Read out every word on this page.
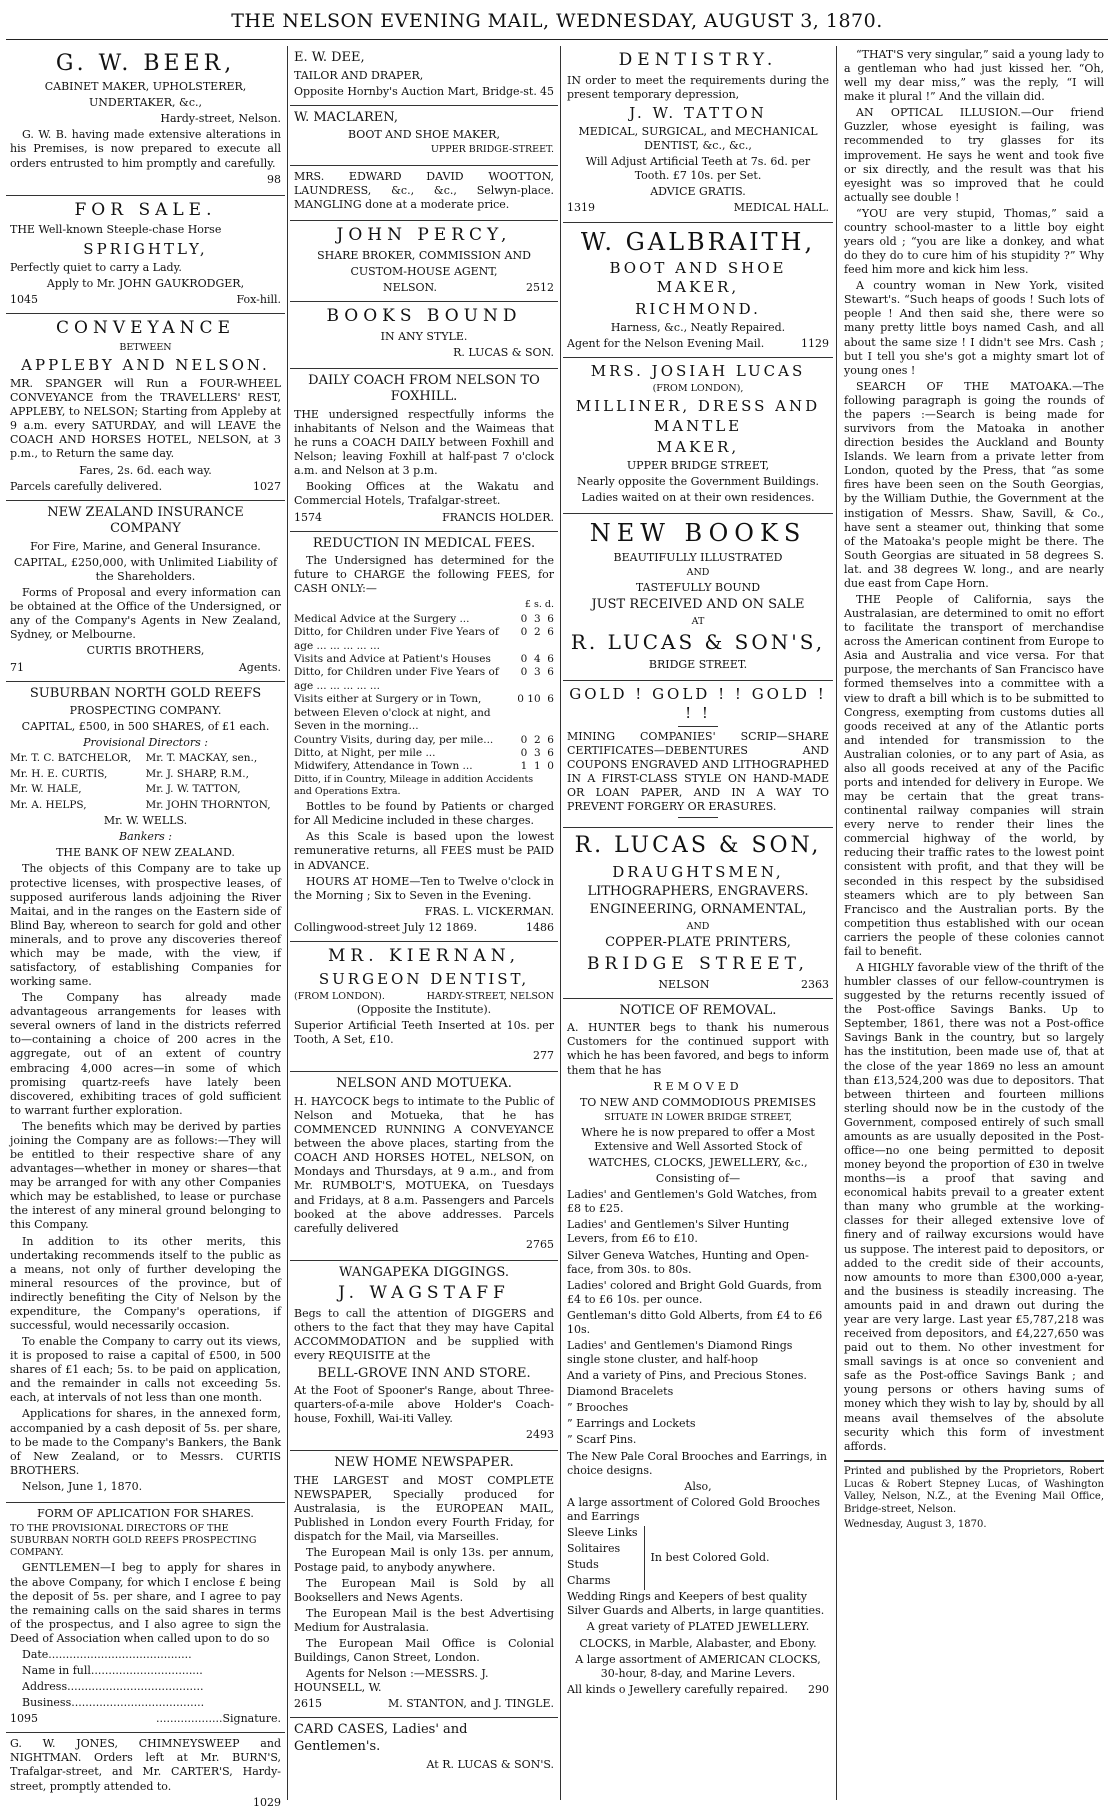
THE NELSON EVENING MAIL, WEDNESDAY, AUGUST 3, 1870.

G. W. BEER,

CABINET MAKER, UPHOLSTERER,

UNDERTAKER, &c.,

Hardy-street, Nelson.

G. W. B. having made extensive alterations in his Premises, is now prepared to execute all orders entrusted to him promptly and carefully.

98

FOR SALE.

THE Well-known Steeple-chase Horse

SPRIGHTLY,

Perfectly quiet to carry a Lady.

Apply to Mr. JOHN GAUKRODGER,

1045	Fox-hill.

CONVEYANCE

BETWEEN

APPLEBY AND NELSON.

MR. SPANGER will Run a FOUR-WHEEL CONVEYANCE from the TRAVELLERS' REST, APPLEBY, to NELSON; Starting from Appleby at 9 a.m. every SATURDAY, and will LEAVE the COACH AND HORSES HOTEL, NELSON, at 3 p.m., to Return the same day.

Fares, 2s. 6d. each way.

Parcels carefully delivered.	1027

NEW ZEALAND INSURANCE COMPANY

For Fire, Marine, and General Insurance.

CAPITAL, £250,000, with Unlimited Liability of the Shareholders.

Forms of Proposal and every information can be obtained at the Office of the Undersigned, or any of the Company's Agents in New Zealand, Sydney, or Melbourne.

CURTIS BROTHERS,

71	Agents.

SUBURBAN NORTH GOLD REEFS

PROSPECTING COMPANY.

CAPITAL, £500, in 500 SHARES, of £1 each.

Provisional Directors :

Mr. T. C. BATCHELOR,

Mr. H. E. CURTIS,

Mr. W. HALE,

Mr. A. HELPS,

Mr. T. MACKAY, sen.,

Mr. J. SHARP, R.M.,

Mr. J. W. TATTON,

Mr. JOHN THORNTON,

Mr. W. WELLS.

Bankers :

THE BANK OF NEW ZEALAND.

The objects of this Company are to take up protective licenses, with prospective leases, of supposed auriferous lands adjoining the River Maitai, and in the ranges on the Eastern side of Blind Bay, whereon to search for gold and other minerals, and to prove any discoveries thereof which may be made, with the view, if satisfactory, of establishing Companies for working same.

The Company has already made advantageous arrangements for leases with several owners of land in the districts referred to—containing a choice of 200 acres in the aggregate, out of an extent of country embracing 4,000 acres—in some of which promising quartz-reefs have lately been discovered, exhibiting traces of gold sufficient to warrant further exploration.

The benefits which may be derived by parties joining the Company are as follows:—They will be entitled to their respective share of any advantages—whether in money or shares—that may be arranged for with any other Companies which may be established, to lease or purchase the interest of any mineral ground belonging to this Company.

In addition to its other merits, this undertaking recommends itself to the public as a means, not only of further developing the mineral resources of the province, but of indirectly benefiting the City of Nelson by the expenditure, the Company's operations, if successful, would necessarily occasion.

To enable the Company to carry out its views, it is proposed to raise a capital of £500, in 500 shares of £1 each; 5s. to be paid on application, and the remainder in calls not exceeding 5s. each, at intervals of not less than one month.

Applications for shares, in the annexed form, accompanied by a cash deposit of 5s. per share, to be made to the Company's Bankers, the Bank of New Zealand, or to Messrs. CURTIS BROTHERS.

Nelson, June 1, 1870.

FORM OF APLICATION FOR SHARES.

TO THE PROVISIONAL DIRECTORS OF THE SUBURBAN NORTH GOLD REEFS PROSPECTING COMPANY.

GENTLEMEN—I beg to apply for shares in the above Company, for which I enclose £ being the deposit of 5s. per share, and I agree to pay the remaining calls on the said shares in terms of the prospectus, and I also agree to sign the Deed of Association when called upon to do so

Date.........................................

Name in full................................

Address.......................................

Business......................................

1095	...................Signature.

G. W. JONES, CHIMNEYSWEEP and NIGHTMAN. Orders left at Mr. BURN'S, Trafalgar-street, and Mr. CARTER'S, Hardy-street, promptly attended to.

1029

E. W. DEE,

TAILOR AND DRAPER,

Opposite Hornby's Auction Mart, Bridge-st. 45

W. MACLAREN,

BOOT AND SHOE MAKER,

UPPER BRIDGE-STREET.

MRS. EDWARD DAVID WOOTTON, LAUNDRESS, &c., &c., Selwyn-place. MANGLING done at a moderate price.

JOHN PERCY,

SHARE BROKER, COMMISSION AND

CUSTOM-HOUSE AGENT,

NELSON.	2512

BOOKS BOUND

IN ANY STYLE.

R. LUCAS & SON.

DAILY COACH FROM NELSON TO FOXHILL.

THE undersigned respectfully informs the inhabitants of Nelson and the Waimeas that he runs a COACH DAILY between Foxhill and Nelson; leaving Foxhill at half-past 7 o'clock a.m. and Nelson at 3 p.m.

Booking Offices at the Wakatu and Commercial Hotels, Trafalgar-street.

1574	FRANCIS HOLDER.

REDUCTION IN MEDICAL FEES.

The Undersigned has determined for the future to CHARGE the following FEES, for CASH ONLY:—

£ s. d.

Medical Advice at the Surgery ...	0  3  6
Ditto, for Children under Five Years of age ... ... ... ... ...
0  2  6
Visits and Advice at Patient's Houses	0  4  6
Ditto, for Children under Five Years of age ... ... ... ... ...
0  3  6
Visits either at Surgery or in Town, between Eleven o'clock at night, and Seven in the morning...
0 10  6
Country Visits, during day, per mile...	0  2  6
Ditto, at Night, per mile ...	0  3  6
Midwifery, Attendance in Town ...	1  1  0

Ditto, if in Country, Mileage in addition Accidents and Operations Extra.

Bottles to be found by Patients or charged for All Medicine included in these charges.

As this Scale is based upon the lowest remunerative returns, all FEES must be PAID in ADVANCE.

HOURS AT HOME—Ten to Twelve o'clock in the Morning ; Six to Seven in the Evening.

FRAS. L. VICKERMAN.

Collingwood-street July 12 1869.	1486

MR. KIERNAN,

SURGEON DENTIST,

(FROM LONDON).	HARDY-STREET, NELSON

(Opposite the Institute).

Superior Artificial Teeth Inserted at 10s. per Tooth, A Set, £10.

277

NELSON AND MOTUEKA.

H. HAYCOCK begs to intimate to the Public of Nelson and Motueka, that he has COMMENCED RUNNING A CONVEYANCE between the above places, starting from the COACH AND HORSES HOTEL, NELSON, on Mondays and Thursdays, at 9 a.m., and from Mr. RUMBOLT'S, MOTUEKA, on Tuesdays and Fridays, at 8 a.m. Passengers and Parcels booked at the above addresses. Parcels carefully delivered

2765

WANGAPEKA DIGGINGS.

J. WAGSTAFF

Begs to call the attention of DIGGERS and others to the fact that they may have Capital ACCOMMODATION and be supplied with every REQUISITE at the

BELL-GROVE INN AND STORE.

At the Foot of Spooner's Range, about Three-quarters-of-a-mile above Holder's Coach-house, Foxhill, Wai-iti Valley.

2493

NEW HOME NEWSPAPER.

THE LARGEST and MOST COMPLETE NEWSPAPER, Specially produced for Australasia, is the EUROPEAN MAIL, Published in London every Fourth Friday, for dispatch for the Mail, via Marseilles.

The European Mail is only 13s. per annum, Postage paid, to anybody anywhere.

The European Mail is Sold by all Booksellers and News Agents.

The European Mail is the best Advertising Medium for Australasia.

The European Mail Office is Colonial Buildings, Canon Street, London.

Agents for Nelson :—MESSRS. J. HOUNSELL, W.

2615	M. STANTON, and J. TINGLE.

CARD CASES, Ladies' and Gentlemen's.

At R. LUCAS & SON'S.

DENTISTRY.

IN order to meet the requirements during the present temporary depression,

J. W. TATTON

MEDICAL, SURGICAL, and MECHANICAL DENTIST, &c., &c.,

Will Adjust Artificial Teeth at 7s. 6d. per Tooth. £7 10s. per Set.

ADVICE GRATIS.

1319	MEDICAL HALL.

W. GALBRAITH,

BOOT AND SHOE MAKER,

RICHMOND.

Harness, &c., Neatly Repaired.

Agent for the Nelson Evening Mail.	1129

MRS. JOSIAH LUCAS

(FROM LONDON),

MILLINER, DRESS AND MANTLE

MAKER,

UPPER BRIDGE STREET,

Nearly opposite the Government Buildings.

Ladies waited on at their own residences.

NEW BOOKS

BEAUTIFULLY ILLUSTRATED

AND

TASTEFULLY BOUND

JUST RECEIVED AND ON SALE

AT

R. LUCAS & SON'S,

BRIDGE STREET.

GOLD ! GOLD ! ! GOLD ! ! !

MINING COMPANIES' SCRIP—SHARE CERTIFICATES—DEBENTURES AND COUPONS ENGRAVED AND LITHOGRAPHED IN A FIRST-CLASS STYLE ON HAND-MADE OR LOAN PAPER, AND IN A WAY TO PREVENT FORGERY OR ERASURES.

R. LUCAS & SON,

DRAUGHTSMEN,

LITHOGRAPHERS, ENGRAVERS.

ENGINEERING, ORNAMENTAL,

AND

COPPER-PLATE PRINTERS,

BRIDGE STREET,

NELSON	2363

NOTICE OF REMOVAL.

A. HUNTER begs to thank his numerous Customers for the continued support with which he has been favored, and begs to inform them that he has

REMOVED

TO NEW AND COMMODIOUS PREMISES

SITUATE IN LOWER BRIDGE STREET,

Where he is now prepared to offer a Most Extensive and Well Assorted Stock of

WATCHES, CLOCKS, JEWELLERY, &c.,

Consisting of—

Ladies' and Gentlemen's Gold Watches, from £8 to £25.

Ladies' and Gentlemen's Silver Hunting Levers, from £6 to £10.

Silver Geneva Watches, Hunting and Open-face, from 30s. to 80s.

Ladies' colored and Bright Gold Guards, from £4 to £6 10s. per ounce.

Gentleman's ditto Gold Alberts, from £4 to £6 10s.

Ladies' and Gentlemen's Diamond Rings single stone cluster, and half-hoop

And a variety of Pins, and Precious Stones.

Diamond Bracelets

” Brooches

” Earrings and Lockets

” Scarf Pins.

The New Pale Coral Brooches and Earrings, in choice designs.

Also,

A large assortment of Colored Gold Brooches and Earrings

Sleeve Links

Solitaires

Studs

Charms

In best Colored Gold.

Wedding Rings and Keepers of best quality Silver Guards and Alberts, in large quantities.

A great variety of PLATED JEWELLERY.

CLOCKS, in Marble, Alabaster, and Ebony.

A large assortment of AMERICAN CLOCKS, 30-hour, 8-day, and Marine Levers.

All kinds o Jewellery carefully repaired. 290

“THAT'S very singular,” said a young lady to a gentleman who had just kissed her. “Oh, well my dear miss,” was the reply, “I will make it plural !” And the villain did.

AN OPTICAL ILLUSION.—Our friend Guzzler, whose eyesight is failing, was recommended to try glasses for its improvement. He says he went and took five or six directly, and the result was that his eyesight was so improved that he could actually see double !

“YOU are very stupid, Thomas,” said a country school-master to a little boy eight years old ; “you are like a donkey, and what do they do to cure him of his stupidity ?” Why feed him more and kick him less.

A country woman in New York, visited Stewart's. “Such heaps of goods ! Such lots of people ! And then said she, there were so many pretty little boys named Cash, and all about the same size ! I didn't see Mrs. Cash ; but I tell you she's got a mighty smart lot of young ones !

SEARCH OF THE MATOAKA.—The following paragraph is going the rounds of the papers :—Search is being made for survivors from the Matoaka in another direction besides the Auckland and Bounty Islands. We learn from a private letter from London, quoted by the Press, that “as some fires have been seen on the South Georgias, by the William Duthie, the Government at the instigation of Messrs. Shaw, Savill, & Co., have sent a steamer out, thinking that some of the Matoaka's people might be there. The South Georgias are situated in 58 degrees S. lat. and 38 degrees W. long., and are nearly due east from Cape Horn.

THE People of California, says the Australasian, are determined to omit no effort to facilitate the transport of merchandise across the American continent from Europe to Asia and Australia and vice versa. For that purpose, the merchants of San Francisco have formed themselves into a committee with a view to draft a bill which is to be submitted to Congress, exempting from customs duties all goods received at any of the Atlantic ports and intended for transmission to the Australian colonies, or to any part of Asia, as also all goods received at any of the Pacific ports and intended for delivery in Europe. We may be certain that the great trans-continental railway companies will strain every nerve to render their lines the commercial highway of the world, by reducing their traffic rates to the lowest point consistent with profit, and that they will be seconded in this respect by the subsidised steamers which are to ply between San Francisco and the Australian ports. By the competition thus established with our ocean carriers the people of these colonies cannot fail to benefit.

A HIGHLY favorable view of the thrift of the humbler classes of our fellow-countrymen is suggested by the returns recently issued of the Post-office Savings Banks. Up to September, 1861, there was not a Post-office Savings Bank in the country, but so largely has the institution, been made use of, that at the close of the year 1869 no less an amount than £13,524,200 was due to depositors. That between thirteen and fourteen millions sterling should now be in the custody of the Government, composed entirely of such small amounts as are usually deposited in the Post-office—no one being permitted to deposit money beyond the proportion of £30 in twelve months—is a proof that saving and economical habits prevail to a greater extent than many who grumble at the working-classes for their alleged extensive love of finery and of railway excursions would have us suppose. The interest paid to depositors, or added to the credit side of their accounts, now amounts to more than £300,000 a-year, and the business is steadily increasing. The amounts paid in and drawn out during the year are very large. Last year £5,787,218 was received from depositors, and £4,227,650 was paid out to them. No other investment for small savings is at once so convenient and safe as the Post-office Savings Bank ; and young persons or others having sums of money which they wish to lay by, should by all means avail themselves of the absolute security which this form of investment affords.

Printed and published by the Proprietors, Robert Lucas & Robert Stepney Lucas, of Washington Valley, Nelson, N.Z., at the Evening Mail Office, Bridge-street, Nelson.

Wednesday, August 3, 1870.
